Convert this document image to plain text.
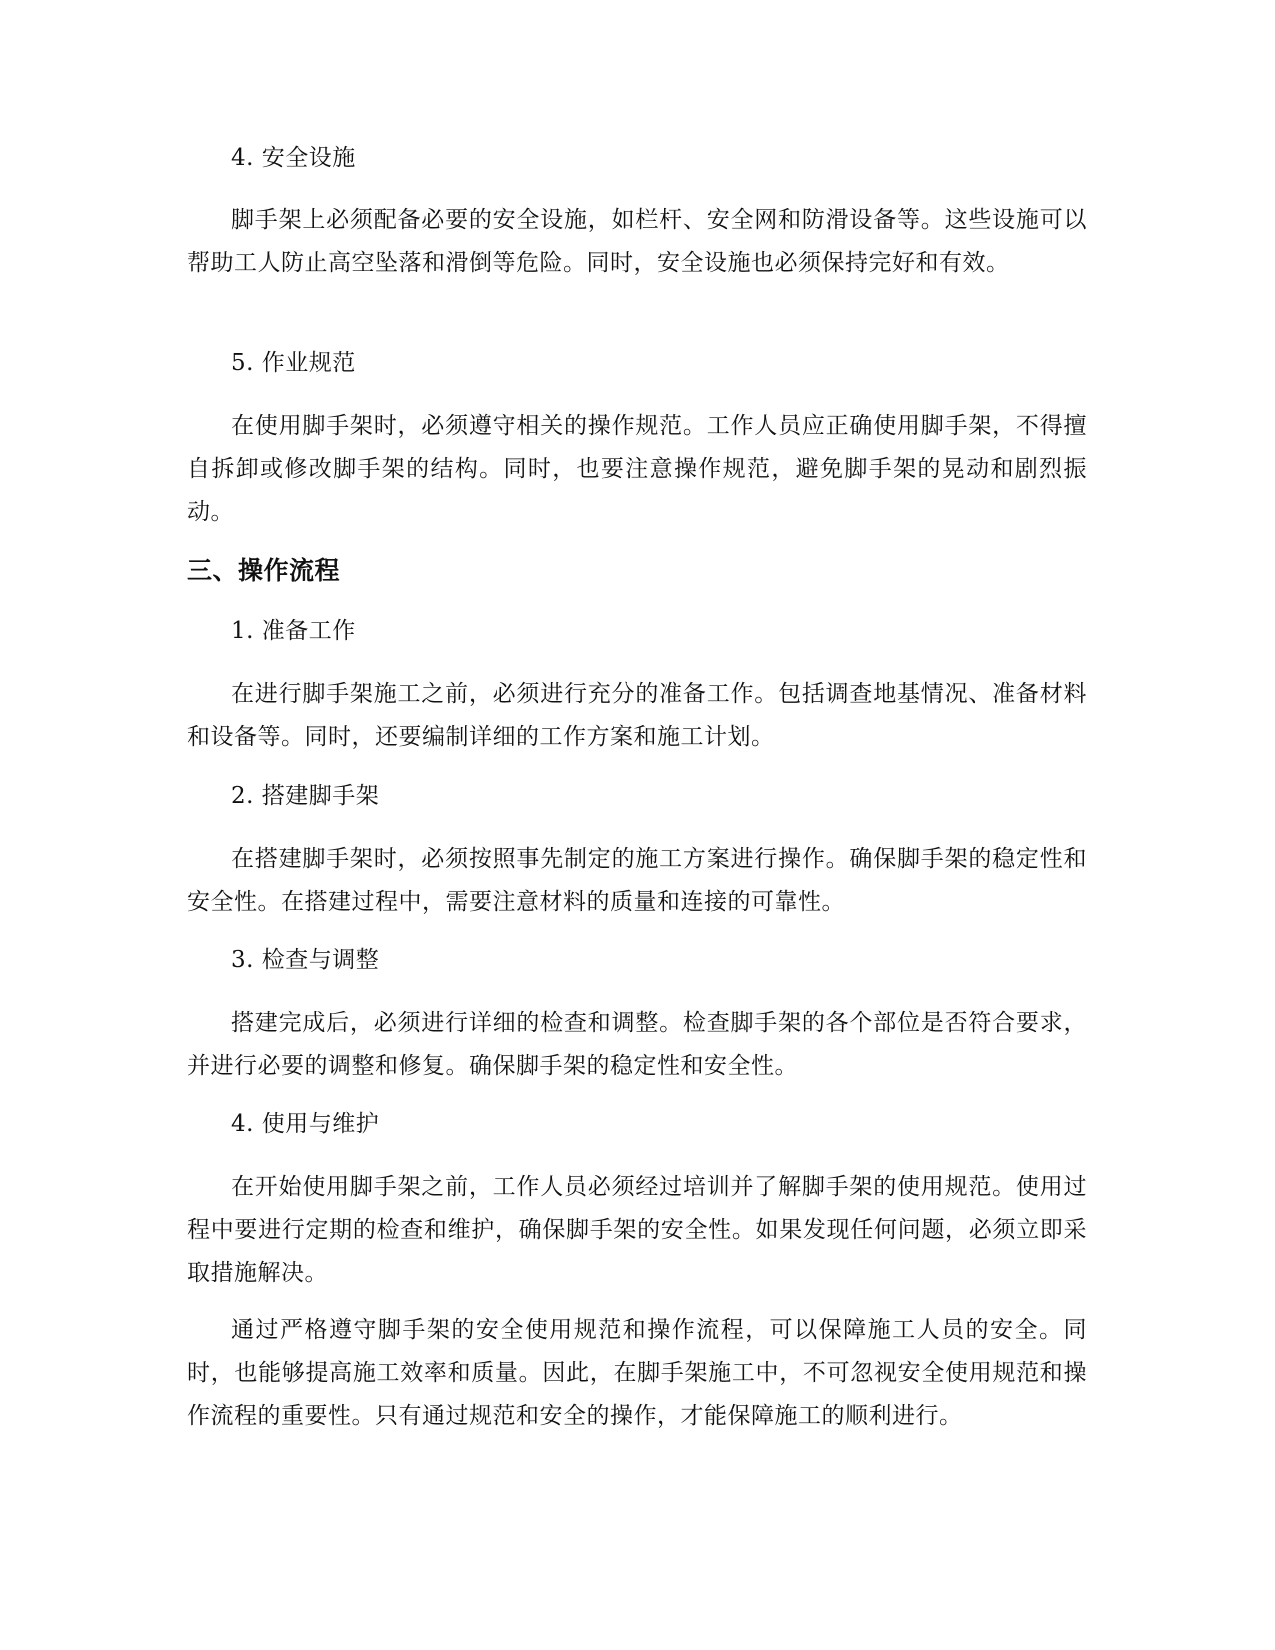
4. 安全设施

脚手架上必须配备必要的安全设施，如栏杆、安全网和防滑设备等。这些设施可以帮助工人防止高空坠落和滑倒等危险。同时，安全设施也必须保持完好和有效。

5. 作业规范

在使用脚手架时，必须遵守相关的操作规范。工作人员应正确使用脚手架，不得擅自拆卸或修改脚手架的结构。同时，也要注意操作规范，避免脚手架的晃动和剧烈振动。

三、操作流程

1. 准备工作

在进行脚手架施工之前，必须进行充分的准备工作。包括调查地基情况、准备材料和设备等。同时，还要编制详细的工作方案和施工计划。

2. 搭建脚手架

在搭建脚手架时，必须按照事先制定的施工方案进行操作。确保脚手架的稳定性和安全性。在搭建过程中，需要注意材料的质量和连接的可靠性。

3. 检查与调整

搭建完成后，必须进行详细的检查和调整。检查脚手架的各个部位是否符合要求，并进行必要的调整和修复。确保脚手架的稳定性和安全性。

4. 使用与维护

在开始使用脚手架之前，工作人员必须经过培训并了解脚手架的使用规范。使用过程中要进行定期的检查和维护，确保脚手架的安全性。如果发现任何问题，必须立即采取措施解决。

通过严格遵守脚手架的安全使用规范和操作流程，可以保障施工人员的安全。同时，也能够提高施工效率和质量。因此，在脚手架施工中，不可忽视安全使用规范和操作流程的重要性。只有通过规范和安全的操作，才能保障施工的顺利进行。
